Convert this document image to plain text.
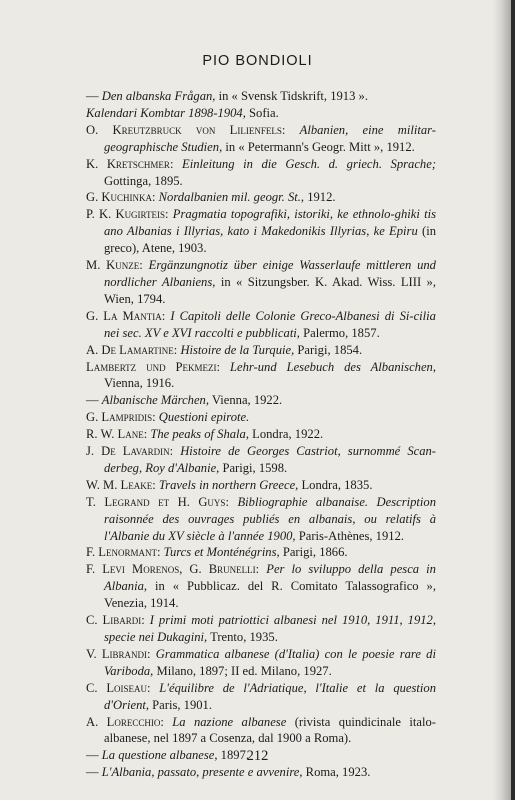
PIO BONDIOLI
— Den albanska Frågan, in « Svensk Tidskrift, 1913 ».
Kalendari Kombtar 1898-1904, Sofia.
O. Kreutzbruck von Lilienfels: Albanien, eine militar-geographische Studien, in « Petermann's Geogr. Mitt », 1912.
K. Kretschmer: Einleitung in die Gesch. d. griech. Sprache; Gottinga, 1895.
G. Kuchinka: Nordalbanien mil. geogr. St., 1912.
P. K. Kugirteis: Pragmatia topografiki, istoriki, ke ethnolo-ghiki tis ano Albanias i Illyrias, kato i Makedonikis Illyrias, ke Epiru (in greco), Atene, 1903.
M. Kunze: Ergänzungnotiz über einige Wasserlaufe mittleren und nordlicher Albaniens, in « Sitzungsber. K. Akad. Wiss. LIII », Wien, 1794.
G. La Mantia: I Capitoli delle Colonie Greco-Albanesi di Si-cilia nei sec. XV e XVI raccolti e pubblicati, Palermo, 1857.
A. De Lamartine: Histoire de la Turquie, Parigi, 1854.
Lambertz und Pekmezi: Lehr-und Lesebuch des Albanischen, Vienna, 1916.
— Albanische Märchen, Vienna, 1922.
G. Lampridis: Questioni epirote.
R. W. Lane: The peaks of Shala, Londra, 1922.
J. De Lavardin: Histoire de Georges Castriot, surnommé Scan-derbeg, Roy d'Albanie, Parigi, 1598.
W. M. Leake: Travels in northern Greece, Londra, 1835.
T. Legrand et H. Guys: Bibliographie albanaise. Description raisonnée des ouvrages publiés en albanais, ou relatifs à l'Albanie du XV siècle à l'année 1900, Paris-Athènes, 1912.
F. Lenormant: Turcs et Monténégrins, Parigi, 1866.
F. Levi Morenos, G. Brunelli: Per lo sviluppo della pesca in Albania, in « Pubblicaz. del R. Comitato Talassografico », Venezia, 1914.
C. Libardi: I primi moti patriottici albanesi nel 1910, 1911, 1912, specie nei Dukagini, Trento, 1935.
V. Librandi: Grammatica albanese (d'Italia) con le poesie rare di Variboda, Milano, 1897; II ed. Milano, 1927.
C. Loiseau: L'équilibre de l'Adriatique, l'Italie et la question d'Orient, Paris, 1901.
A. Lorecchio: La nazione albanese (rivista quindicinale italo-albanese, nel 1897 a Cosenza, dal 1900 a Roma).
— La questione albanese, 1897.
— L'Albania, passato, presente e avvenire, Roma, 1923.
212
